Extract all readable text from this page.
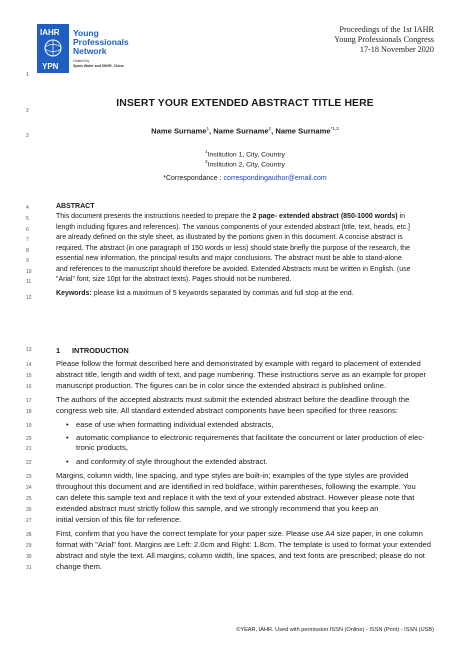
IAHR
YPN
Young
Professionals
Network
Hosted by
Spain Water and IWHR, China
Proceedings of the 1st IAHR
Young Professionals Congress
17-18 November 2020
1
2
3
4
5
6
7
8
9
10
11
12
13
14
15
16
17
18
19
20
21
22
23
24
25
26
27
28
29
30
31
INSERT YOUR EXTENDED ABSTRACT TITLE HERE
Name Surname$^1$, Name Surname$^2$, Name Surname$^{*1,2}$
$^1$Institution 1, City, Country
$^2$Institution 2, City, Country
*Correspondance : correspondingauthor@email.com
ABSTRACT
This document presents the instructions needed to prepare the 2 page- extended abstract (850-1000 words) in
length including figures and references). The various components of your extended abstract [title, text, heads, etc.]
are already defined on the style sheet, as illustrated by the portions given in this document. A concise abstract is
required. The abstract (in one paragraph of 150 words or less) should state briefly the purpose of the research, the
essential new information, the principal results and major conclusions. The abstract must be able to stand-alone
and references to the manuscript should therefore be avoided. Extended Abstracts must be written in English. (use
"Arial" font, size 10pt for the abstract texts). Pages should not be numbered.
Keywords: please list a maximum of 5 keywords separated by commas and full stop at the end.
1 INTRODUCTION
Please follow the format described here and demonstrated by example with regard to placement of extended
abstract title, length and width of text, and page numbering. These instructions serve as an example for proper
manuscript production. The figures can be in color since the extended abstract is published online.
The authors of the accepted abstracts must submit the extended abstract before the deadline through the
congress web site. All standard extended abstract components have been specified for three reasons:
• ease of use when formatting individual extended abstracts,
• automatic compliance to electronic requirements that facilitate the concurrent or later production of elec-
tronic products,
• and conformity of style throughout the extended abstract.
Margins, column width, line spacing, and type styles are built-in; examples of the type styles are provided
throughout this document and are identified in red boldface, within parentheses, following the example. You
can delete this sample text and replace it with the text of your extended abstract. However please note that
extended abstract must strictly follow this sample, and we strongly recommend that you keep an
initial version of this file for reference.
First, confirm that you have the correct template for your paper size. Please use A4 size paper, in one column
format with "Arial" font. Margins are Left: 2.0cm and Right: 1.8cm. The template is used to format your extended
abstract and style the text. All margins, column width, line spaces, and text fonts are prescribed; please do not
change them.
©YEAR, IAHR. Used with permission ISSN (Online) - ISSN (Print) - ISSN (USB)
